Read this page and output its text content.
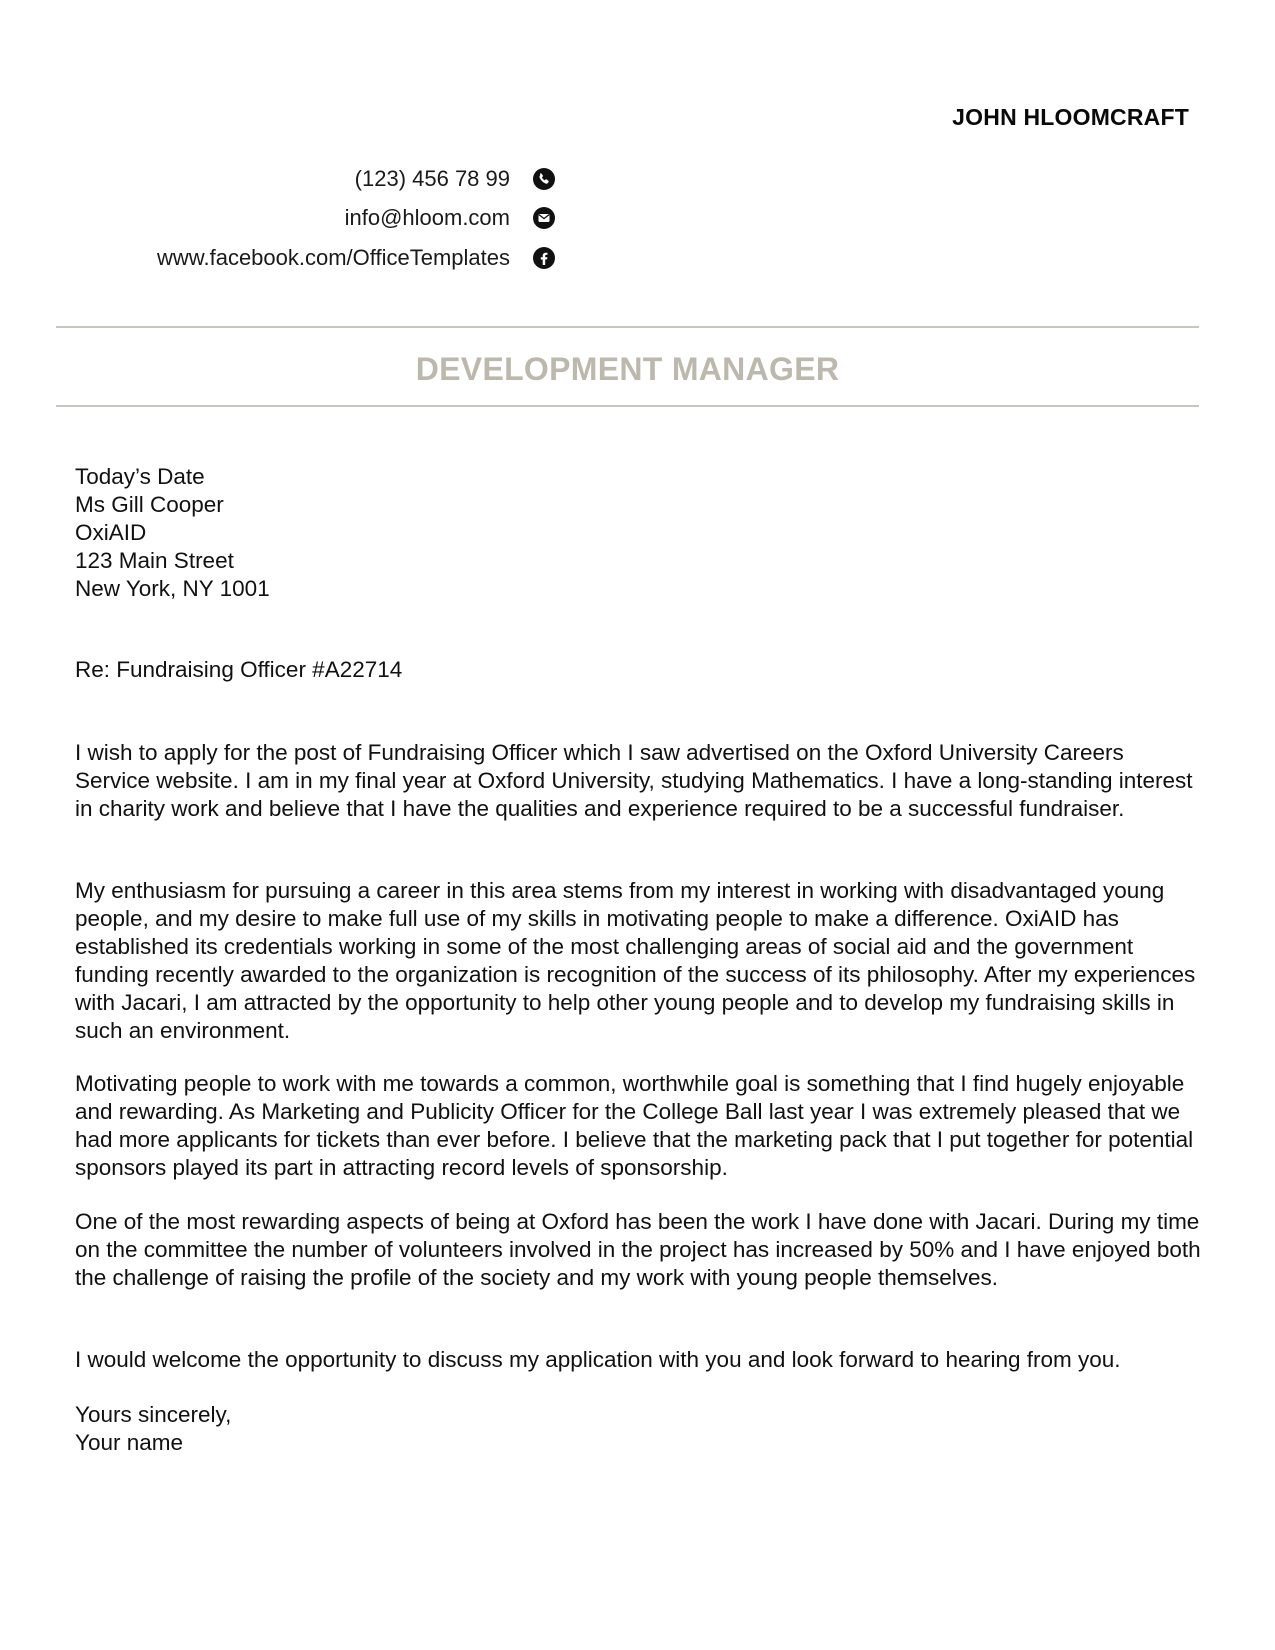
JOHN HLOOMCRAFT
(123) 456 78 99
info@hloom.com
www.facebook.com/OfficeTemplates
DEVELOPMENT MANAGER
Today’s Date
Ms Gill Cooper
OxiAID
123 Main Street
New York, NY 1001
Re: Fundraising Officer #A22714

I wish to apply for the post of Fundraising Officer which I saw advertised on the Oxford University Careers Service website. I am in my final year at Oxford University, studying Mathematics. I have a long-standing interest in charity work and believe that I have the qualities and experience required to be a successful fundraiser.

My enthusiasm for pursuing a career in this area stems from my interest in working with disadvantaged young people, and my desire to make full use of my skills in motivating people to make a difference. OxiAID has established its credentials working in some of the most challenging areas of social aid and the government funding recently awarded to the organization is recognition of the success of its philosophy. After my experiences with Jacari, I am attracted by the opportunity to help other young people and to develop my fundraising skills in such an environment.

Motivating people to work with me towards a common, worthwhile goal is something that I find hugely enjoyable and rewarding. As Marketing and Publicity Officer for the College Ball last year I was extremely pleased that we had more applicants for tickets than ever before. I believe that the marketing pack that I put together for potential sponsors played its part in attracting record levels of sponsorship.

One of the most rewarding aspects of being at Oxford has been the work I have done with Jacari. During my time on the committee the number of volunteers involved in the project has increased by 50% and I have enjoyed both the challenge of raising the profile of the society and my work with young people themselves.

I would welcome the opportunity to discuss my application with you and look forward to hearing from you.

Yours sincerely,
Your name
